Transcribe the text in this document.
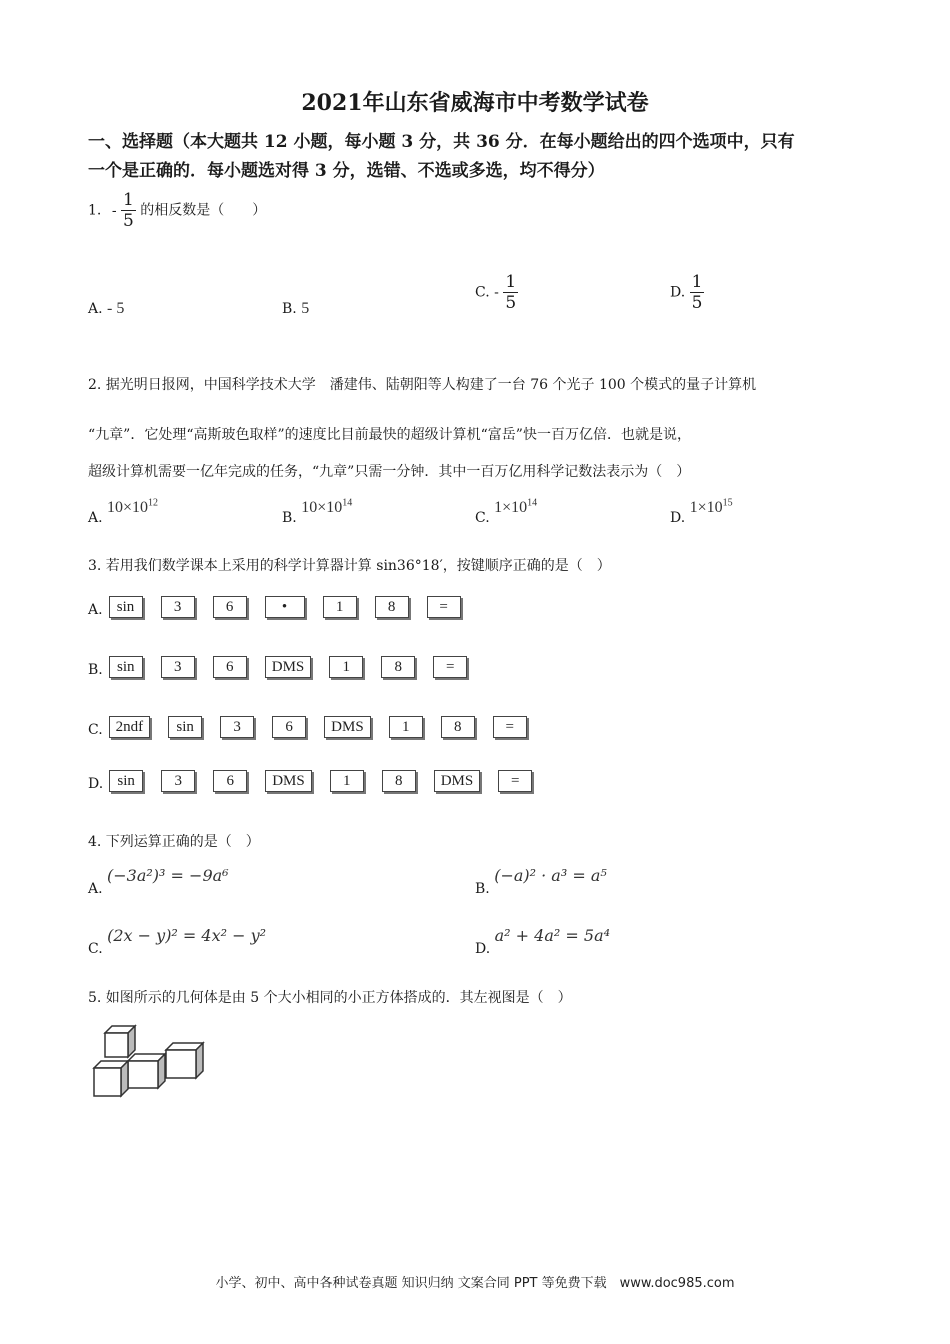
2021年山东省威海市中考数学试卷
一、选择题（本大题共 12 小题，每小题 3 分，共 36 分．在每小题给出的四个选项中，只有
一个是正确的．每小题选对得 3 分，选错、不选或多选，均不得分）
1. - $\frac{1}{5}$ 的相反数是（　　）
A. - 5	B. 5
C. - $\frac{1}{5}$	D. $\frac{1}{5}$
2. 据光明日报网，中国科学技术大学　潘建伟、陆朝阳等人构建了一台 76 个光子 100 个模式的量子计算机
“九章”．它处理“高斯玻色取样”的速度比目前最快的超级计算机“富岳”快一百万亿倍．也就是说，
超级计算机需要一亿年完成的任务，“九章”只需一分钟．其中一百万亿用科学记数法表示为（　）
A. $10\times 10^{12}$
B. $10\times 10^{14}$
C. $1\times 10^{14}$
D. $1\times 10^{15}$
3. 若用我们数学课本上采用的科学计算器计算 sin36°18′，按键顺序正确的是（　）
A. sin	3	6	•	1	8	=
B. sin	3	6	DMS	1	8	=
C. 2ndf	sin	3	6	DMS	1	8	=
D. sin	3	6	DMS	1	8	DMS	=
4. 下列运算正确的是（　）
A. (−3a²)³ = −9a⁶
B. (−a)² · a³ = a⁵
C. (2x − y)² = 4x² − y²
D. a² + 4a² = 5a⁴
5. 如图所示的几何体是由 5 个大小相同的小正方体搭成的．其左视图是（　）
小学、初中、高中各种试卷真题 知识归纳 文案合同 PPT 等免费下载　www.doc985.com
